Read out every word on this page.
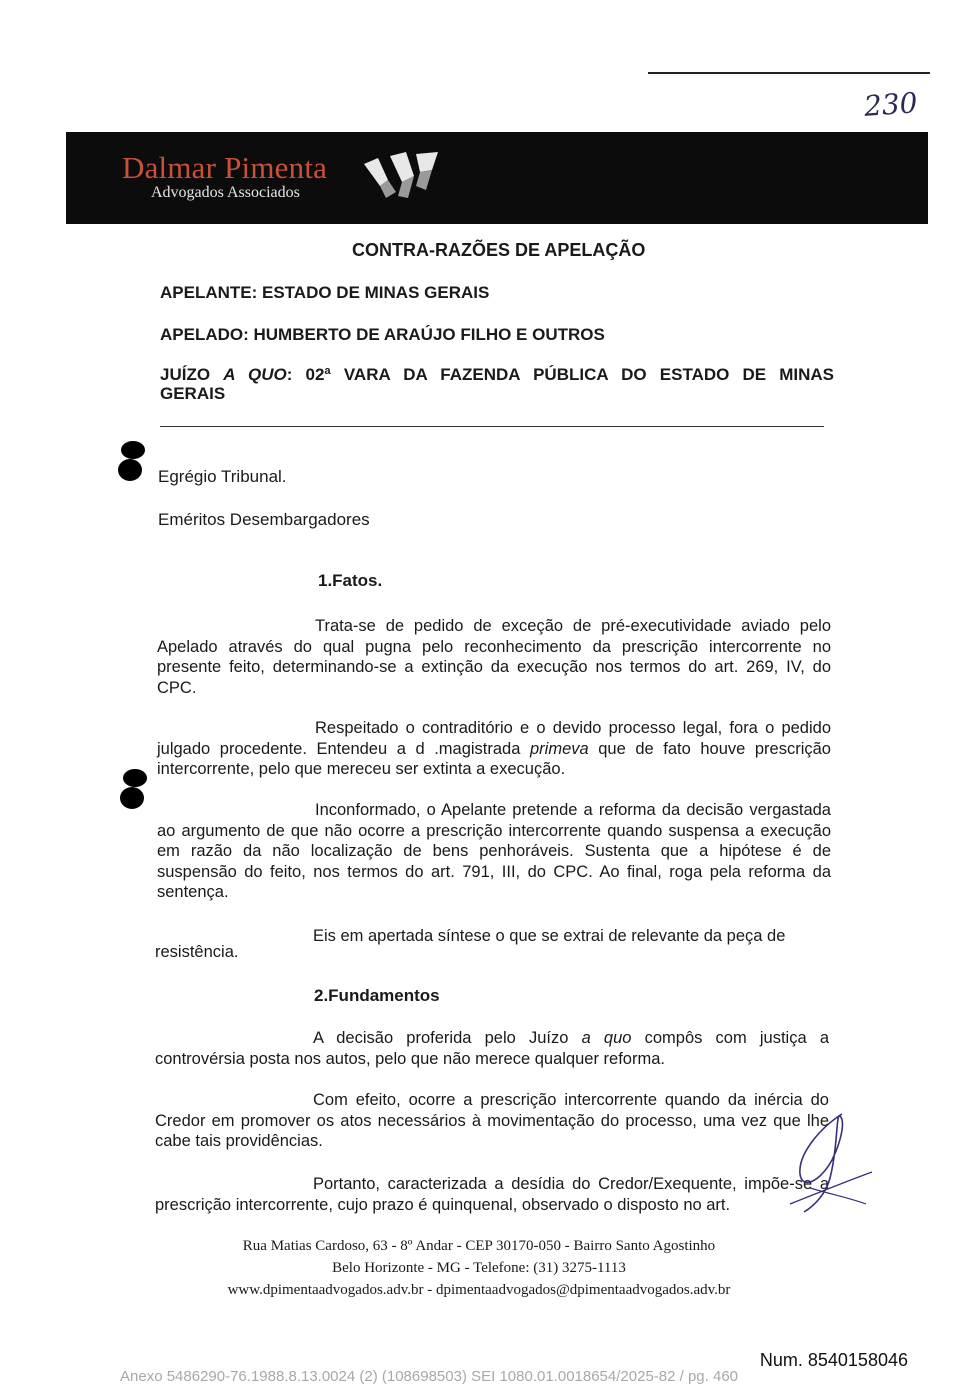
230
Dalmar Pimenta
Advogados Associados
CONTRA-RAZÕES DE APELAÇÃO
APELANTE: ESTADO DE MINAS GERAIS
APELADO: HUMBERTO DE ARAÚJO FILHO E OUTROS
JUÍZO A QUO: 02ª VARA DA FAZENDA PÚBLICA DO ESTADO DE MINAS
GERAIS
Egrégio Tribunal.
Eméritos Desembargadores
1.Fatos.
Trata-se de pedido de exceção de pré-executividade aviado pelo Apelado através do qual pugna pelo reconhecimento da prescrição intercorrente no presente feito, determinando-se a extinção da execução nos termos do art. 269, IV, do CPC.
Respeitado o contraditório e o devido processo legal, fora o pedido julgado procedente. Entendeu a d .magistrada primeva que de fato houve prescrição intercorrente, pelo que mereceu ser extinta a execução.
Inconformado, o Apelante pretende a reforma da decisão vergastada ao argumento de que não ocorre a prescrição intercorrente quando suspensa a execução em razão da não localização de bens penhoráveis. Sustenta que a hipótese é de suspensão do feito, nos termos do art. 791, III, do CPC. Ao final, roga pela reforma da sentença.
Eis em apertada síntese o que se extrai de relevante da peça de
resistência.
2.Fundamentos
A decisão proferida pelo Juízo a quo compôs com justiça a controvérsia posta nos autos, pelo que não merece qualquer reforma.
Com efeito, ocorre a prescrição intercorrente quando da inércia do Credor em promover os atos necessários à movimentação do processo, uma vez que lhe cabe tais providências.
Portanto, caracterizada a desídia do Credor/Exequente, impõe-se a prescrição intercorrente, cujo prazo é quinquenal, observado o disposto no art.
Rua Matias Cardoso, 63 - 8º Andar - CEP 30170-050 - Bairro Santo Agostinho
Belo Horizonte - MG - Telefone: (31) 3275-1113
www.dpimentaadvogados.adv.br - dpimentaadvogados@dpimentaadvogados.adv.br
Num. 8540158046
Anexo 5486290-76.1988.8.13.0024 (2) (108698503) SEI 1080.01.0018654/2025-82 / pg. 460
